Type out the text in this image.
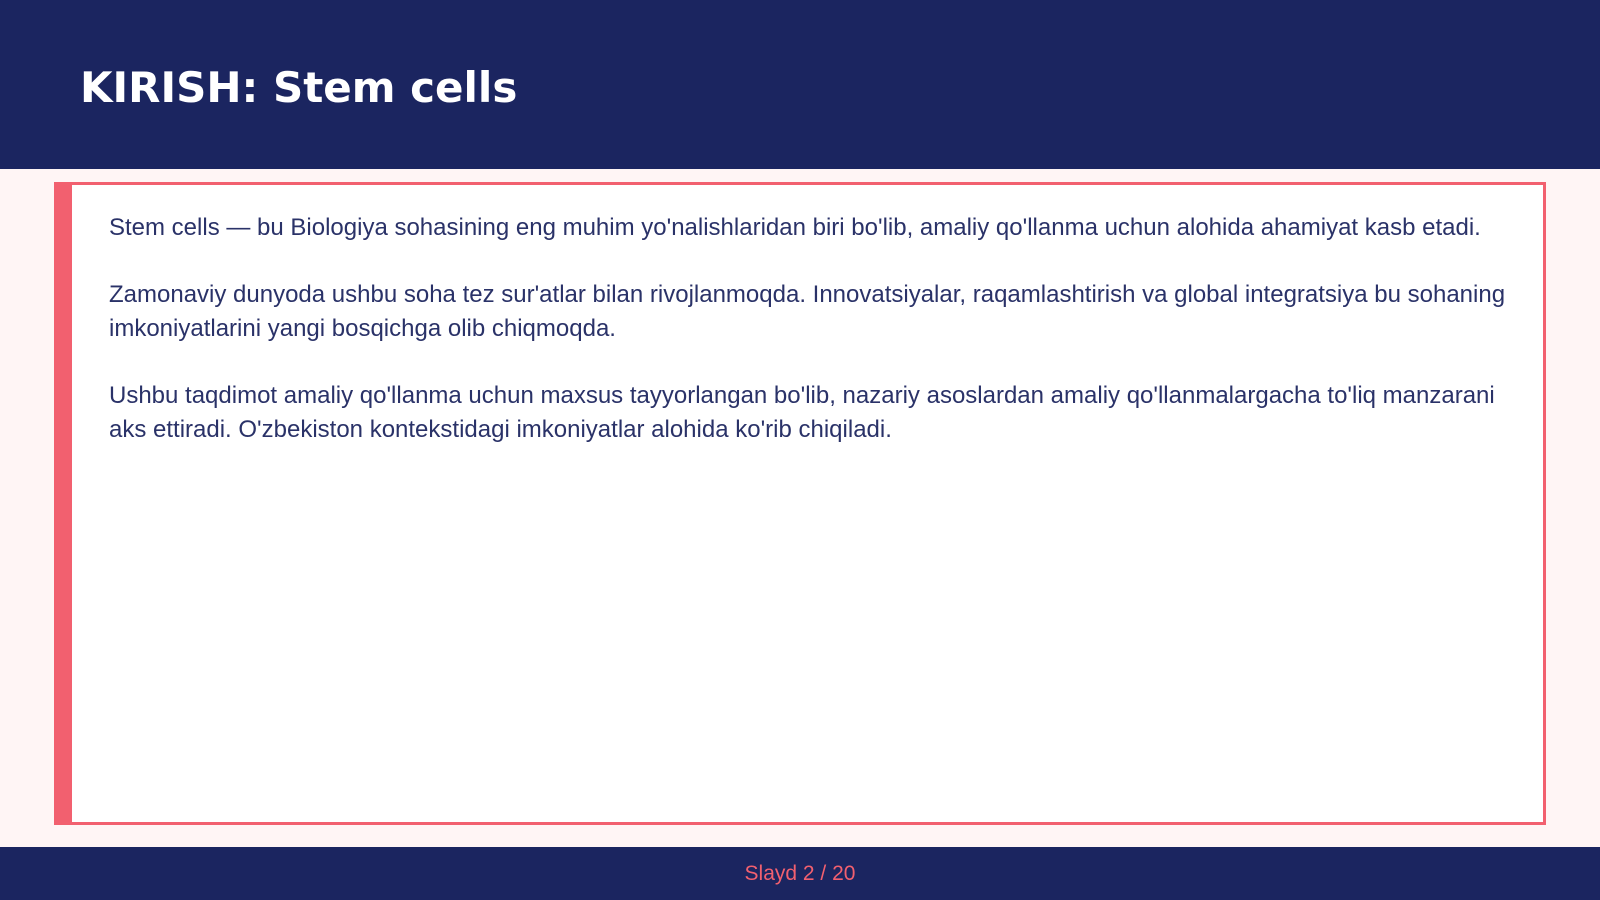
KIRISH: Stem cells

Stem cells — bu Biologiya sohasining eng muhim yo'nalishlaridan biri bo'lib, amaliy qo'llanma uchun alohida ahamiyat kasb etadi.

Zamonaviy dunyoda ushbu soha tez sur'atlar bilan rivojlanmoqda. Innovatsiyalar, raqamlashtirish va global integratsiya bu sohaning imkoniyatlarini yangi bosqichga olib chiqmoqda.

Ushbu taqdimot amaliy qo'llanma uchun maxsus tayyorlangan bo'lib, nazariy asoslardan amaliy qo'llanmalargacha to'liq manzarani aks ettiradi. O'zbekiston kontekstidagi imkoniyatlar alohida ko'rib chiqiladi.

Slayd 2 / 20
